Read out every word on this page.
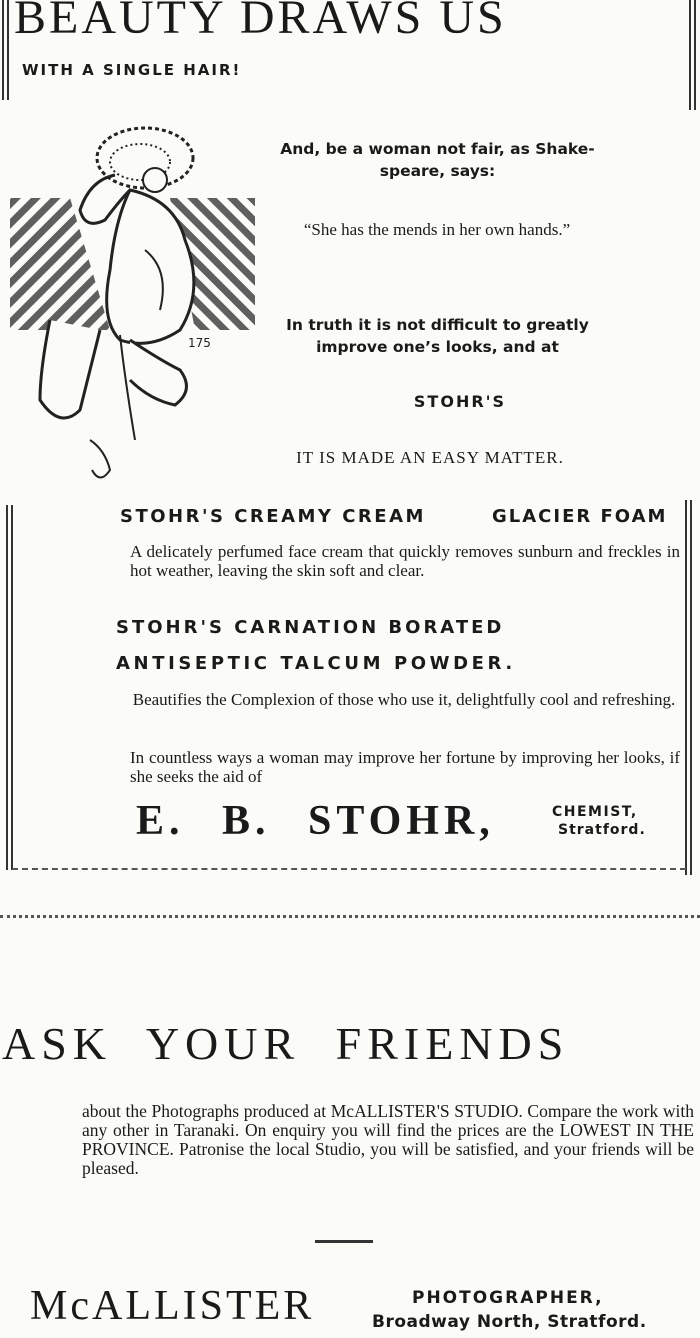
BEAUTY DRAWS US
WITH A SINGLE HAIR!
175
And, be a woman not fair, as Shake-speare, says:
“She has the mends in her own hands.”
In truth it is not difficult to greatly improve one’s looks, and at
STOHR'S
IT IS MADE AN EASY MATTER.
STOHR'S CREAMY CREAM	GLACIER FOAM
A delicately perfumed face cream that quickly removes sunburn and freckles in hot weather, leaving the skin soft and clear.
STOHR'S CARNATION BORATED
ANTISEPTIC TALCUM POWDER.
Beautifies the Complexion of those who use it, delightfully cool and refreshing.
In countless ways a woman may improve her fortune by improving her looks, if she seeks the aid of
E. B. STOHR,	CHEMIST,
Stratford.
ASK YOUR FRIENDS
about the Photographs produced at McALLISTER'S STUDIO. Compare the work with any other in Taranaki. On enquiry you will find the prices are the LOWEST IN THE PROVINCE. Patronise the local Studio, you will be satisfied, and your friends will be pleased.
McALLISTER	PHOTOGRAPHER,
Broadway North, Stratford.
